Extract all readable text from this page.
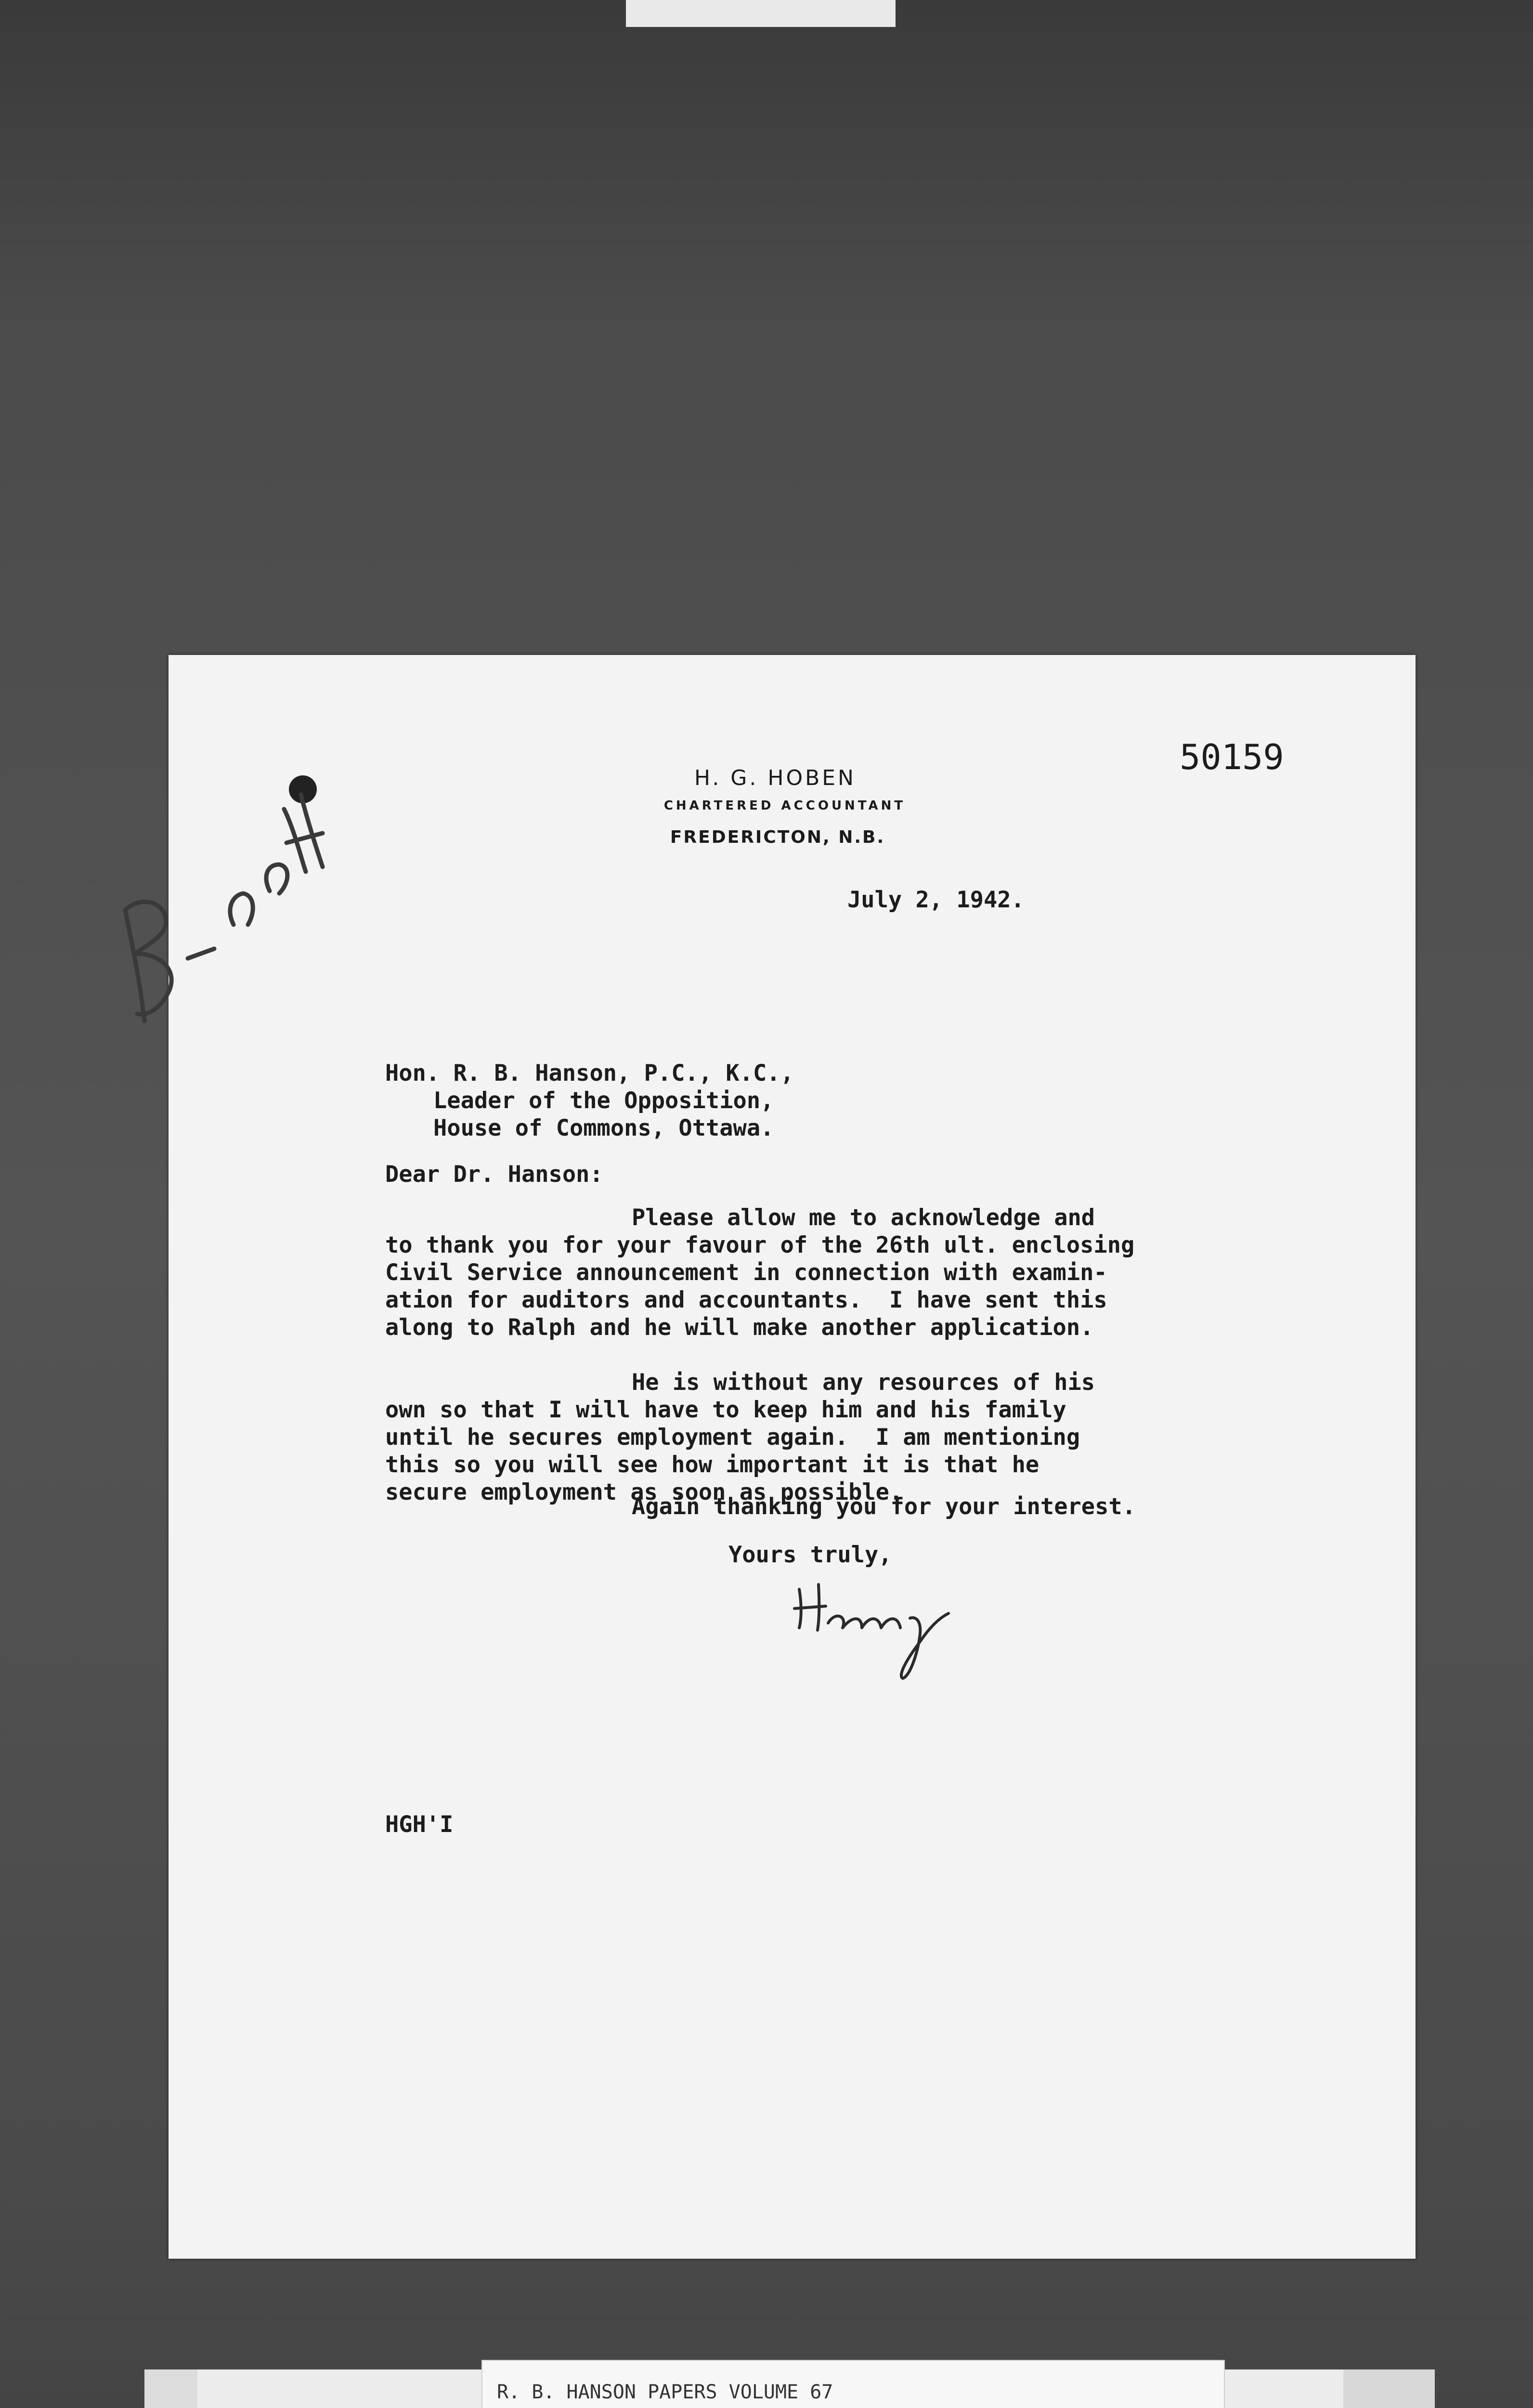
H. G. HOBEN
CHARTERED ACCOUNTANT
FREDERICTON, N.B.
50159
July 2, 1942.
Hon. R. B. Hanson, P.C., K.C.,

Leader of the Opposition,
House of Commons, Ottawa.
Dear Dr. Hanson:
Please allow me to acknowledge and
to thank you for your favour of the 26th ult. enclosing
Civil Service announcement in connection with examin-
ation for auditors and accountants.  I have sent this
along to Ralph and he will make another application.

He is without any resources of his
own so that I will have to keep him and his family
until he secures employment again.  I am mentioning
this so you will see how important it is that he
secure employment as soon as possible.
Again thanking you for your interest.
Yours truly,
HGH'I
R. B. HANSON PAPERS VOLUME 67
